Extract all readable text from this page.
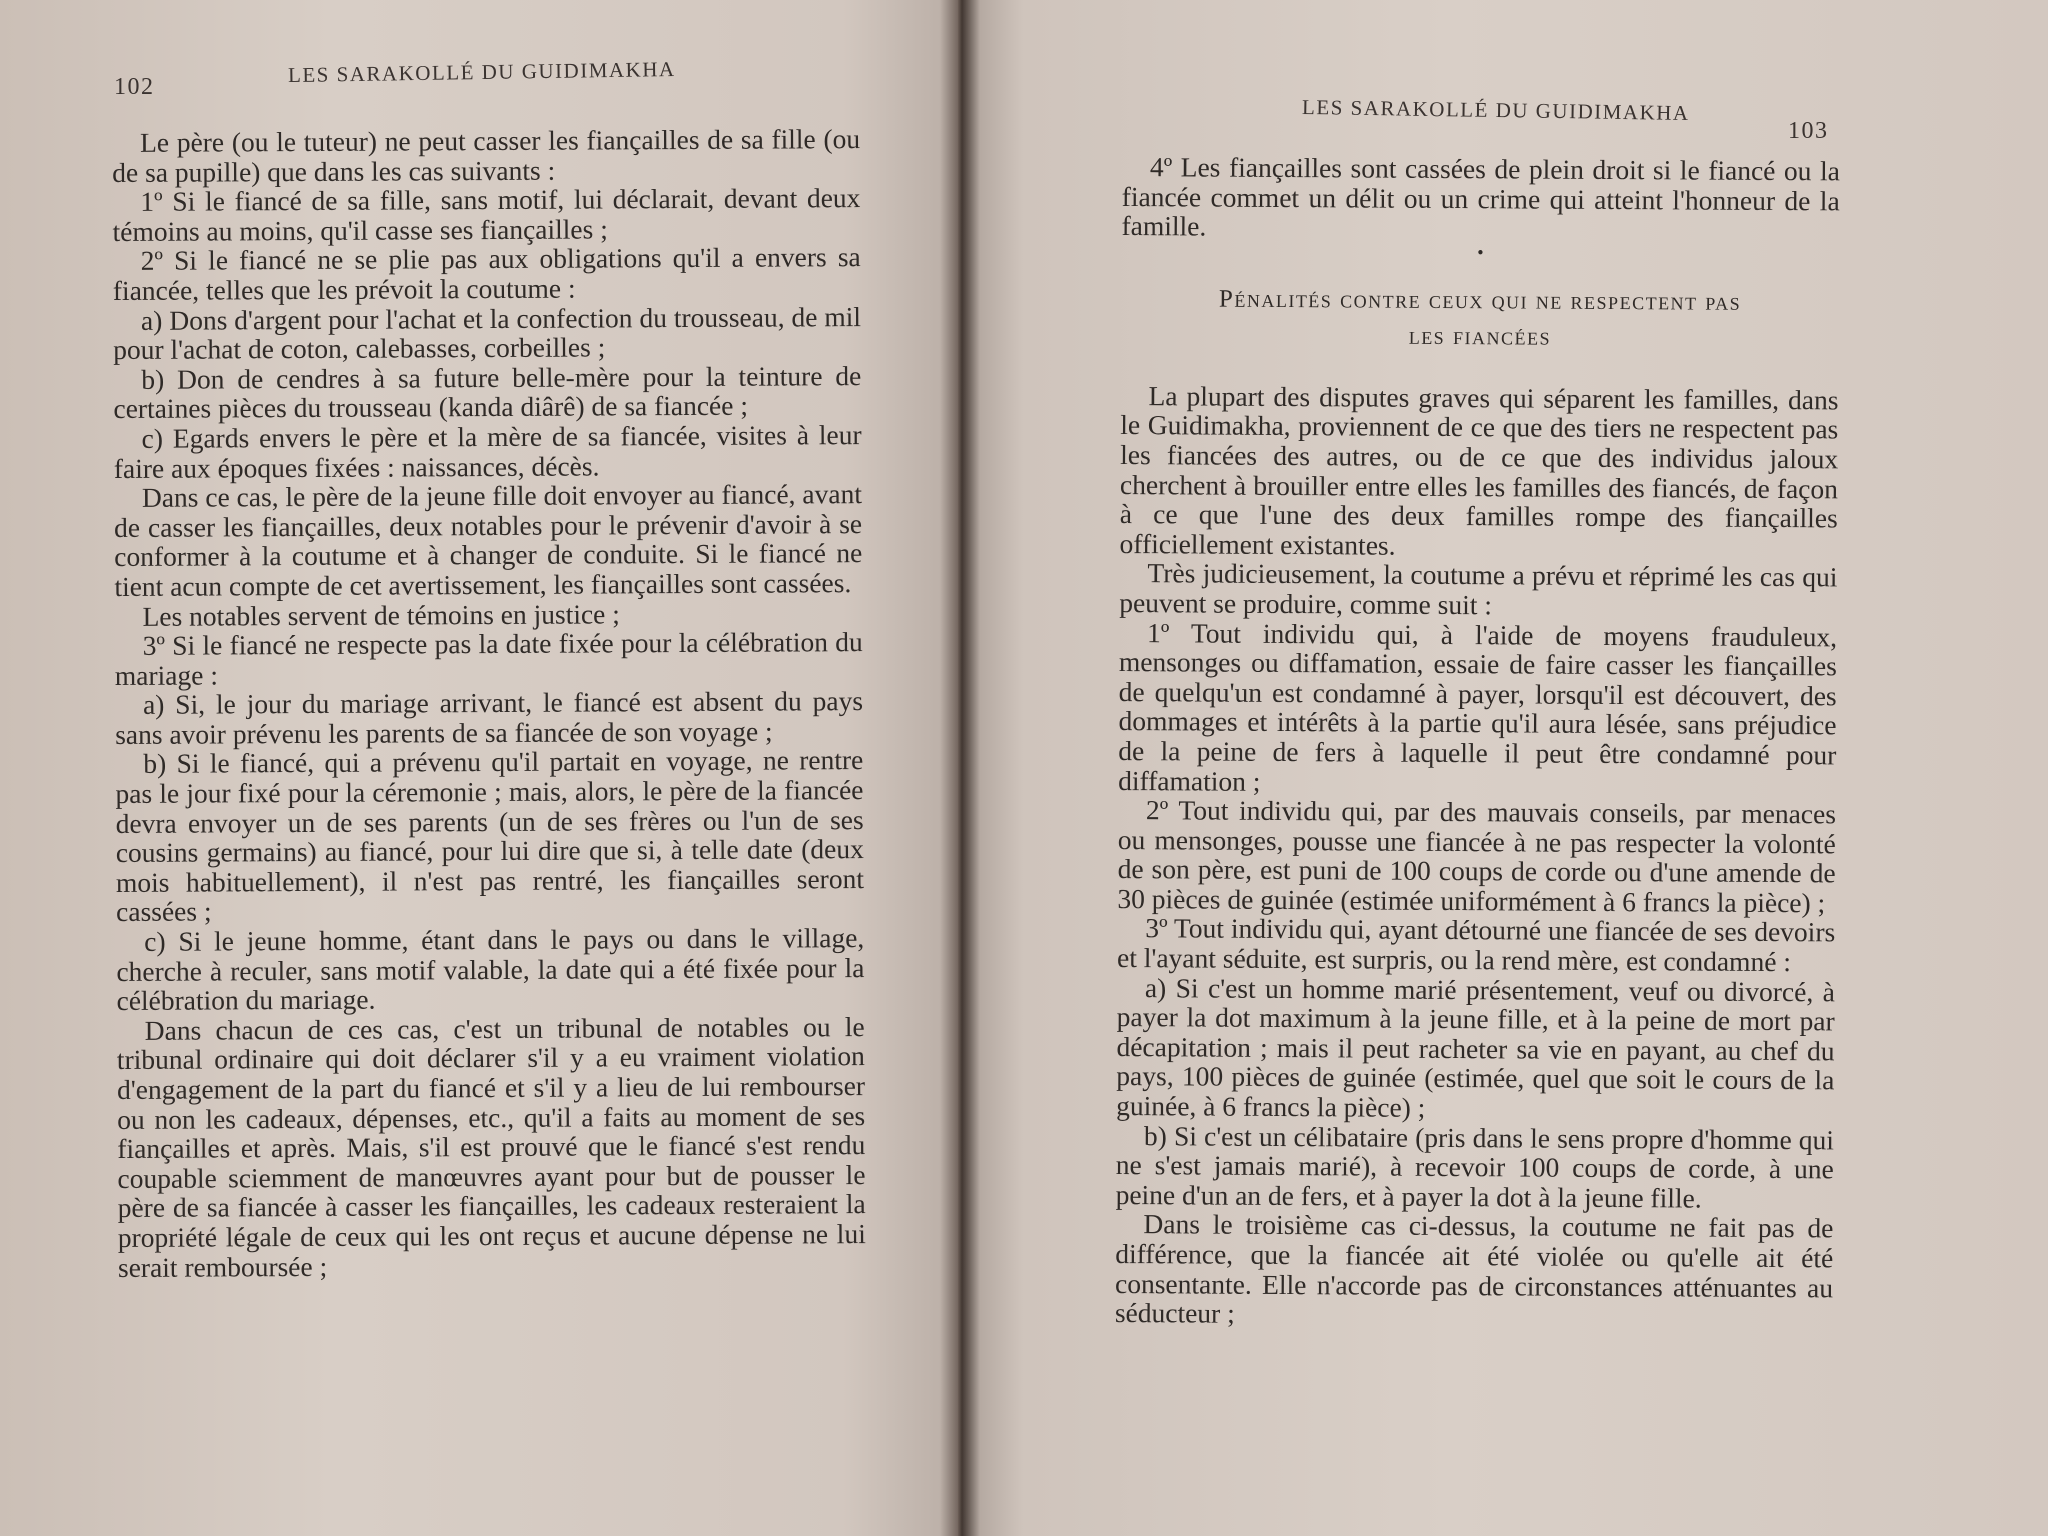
102	LES SARAKOLLÉ DU GUIDIMAKHA

Le père (ou le tuteur) ne peut casser les fiançailles de sa fille (ou de sa pupille) que dans les cas suivants :

1º Si le fiancé de sa fille, sans motif, lui déclarait, devant deux témoins au moins, qu'il casse ses fiançailles ;

2º Si le fiancé ne se plie pas aux obligations qu'il a envers sa fiancée, telles que les prévoit la coutume :

a) Dons d'argent pour l'achat et la confection du trousseau, de mil pour l'achat de coton, calebasses, corbeilles ;

b) Don de cendres à sa future belle-mère pour la teinture de certaines pièces du trousseau (kanda diârê) de sa fiancée ;

c) Egards envers le père et la mère de sa fiancée, visites à leur faire aux époques fixées : naissances, décès.

Dans ce cas, le père de la jeune fille doit envoyer au fiancé, avant de casser les fiançailles, deux notables pour le prévenir d'avoir à se conformer à la coutume et à changer de conduite. Si le fiancé ne tient acun compte de cet avertissement, les fiançailles sont cassées.

Les notables servent de témoins en justice ;

3º Si le fiancé ne respecte pas la date fixée pour la célébration du mariage :

a) Si, le jour du mariage arrivant, le fiancé est absent du pays sans avoir prévenu les parents de sa fiancée de son voyage ;

b) Si le fiancé, qui a prévenu qu'il partait en voyage, ne rentre pas le jour fixé pour la céremonie ; mais, alors, le père de la fiancée devra envoyer un de ses parents (un de ses frères ou l'un de ses cousins germains) au fiancé, pour lui dire que si, à telle date (deux mois habituellement), il n'est pas rentré, les fiançailles seront cassées ;

c) Si le jeune homme, étant dans le pays ou dans le village, cherche à reculer, sans motif valable, la date qui a été fixée pour la célébration du mariage.

Dans chacun de ces cas, c'est un tribunal de notables ou le tribunal ordinaire qui doit déclarer s'il y a eu vraiment violation d'engagement de la part du fiancé et s'il y a lieu de lui rembourser ou non les cadeaux, dépenses, etc., qu'il a faits au moment de ses fiançailles et après. Mais, s'il est prouvé que le fiancé s'est rendu coupable sciemment de manœuvres ayant pour but de pousser le père de sa fiancée à casser les fiançailles, les cadeaux resteraient la propriété légale de ceux qui les ont reçus et aucune dépense ne lui serait remboursée ;

LES SARAKOLLÉ DU GUIDIMAKHA
103

4º Les fiançailles sont cassées de plein droit si le fiancé ou la fiancée commet un délit ou un crime qui atteint l'honneur de la famille.

•
Pénalités contre ceux qui ne respectent pas
les fiancées

La plupart des disputes graves qui séparent les familles, dans le Guidimakha, proviennent de ce que des tiers ne respectent pas les fiancées des autres, ou de ce que des individus jaloux cherchent à brouiller entre elles les familles des fiancés, de façon à ce que l'une des deux familles rompe des fiançailles officiellement existantes.

Très judicieusement, la coutume a prévu et réprimé les cas qui peuvent se produire, comme suit :

1º Tout individu qui, à l'aide de moyens frauduleux, mensonges ou diffamation, essaie de faire casser les fiançailles de quelqu'un est condamné à payer, lorsqu'il est découvert, des dommages et intérêts à la partie qu'il aura lésée, sans préjudice de la peine de fers à laquelle il peut être condamné pour diffamation ;

2º Tout individu qui, par des mauvais conseils, par menaces ou mensonges, pousse une fiancée à ne pas respecter la volonté de son père, est puni de 100 coups de corde ou d'une amende de 30 pièces de guinée (estimée uniformément à 6 francs la pièce) ;

3º Tout individu qui, ayant détourné une fiancée de ses devoirs et l'ayant séduite, est surpris, ou la rend mère, est condamné :

a) Si c'est un homme marié présentement, veuf ou divorcé, à payer la dot maximum à la jeune fille, et à la peine de mort par décapitation ; mais il peut racheter sa vie en payant, au chef du pays, 100 pièces de guinée (estimée, quel que soit le cours de la guinée, à 6 francs la pièce) ;

b) Si c'est un célibataire (pris dans le sens propre d'homme qui ne s'est jamais marié), à recevoir 100 coups de corde, à une peine d'un an de fers, et à payer la dot à la jeune fille.

Dans le troisième cas ci-dessus, la coutume ne fait pas de différence, que la fiancée ait été violée ou qu'elle ait été consentante. Elle n'accorde pas de circonstances atténuantes au séducteur ;
